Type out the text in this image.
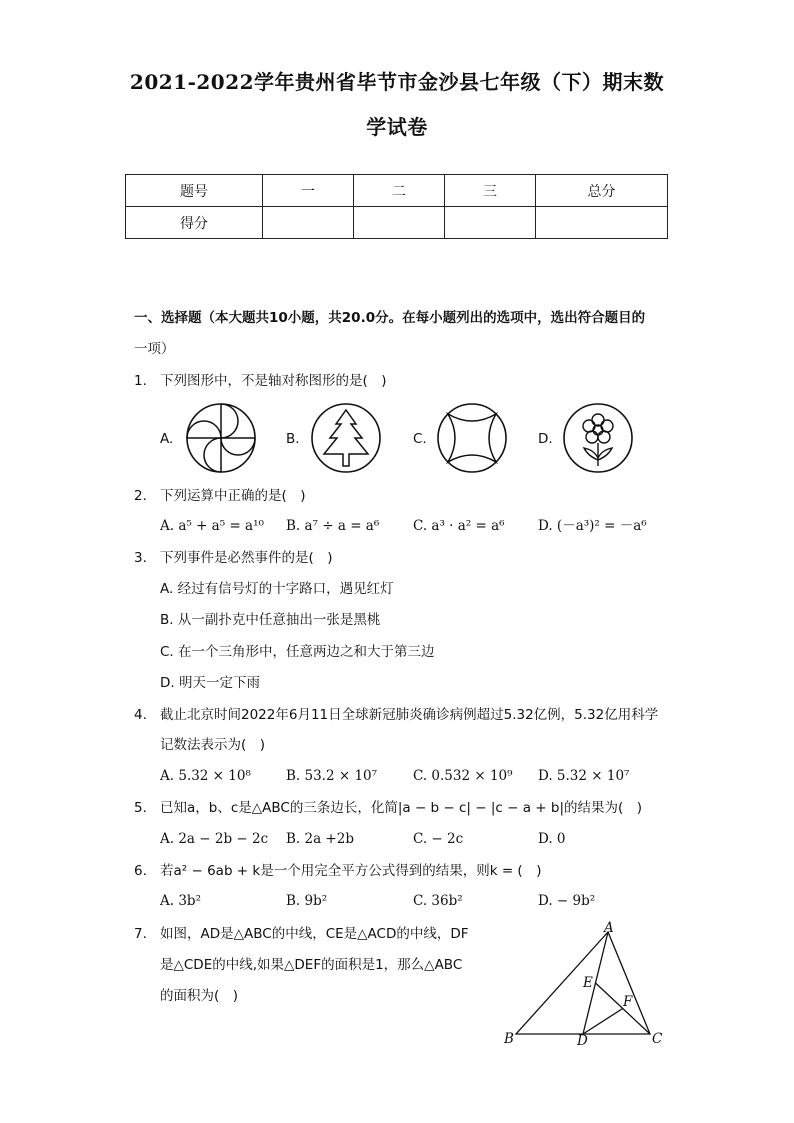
2021-2022学年贵州省毕节市金沙县七年级（下）期末数
学试卷
题号	一	二	三	总分
得分				
一、选择题（本大题共10小题，共20.0分。在每小题列出的选项中，选出符合题目的
一项）
1. 下列图形中，不是轴对称图形的是(　)
A.	B.	C.	D.
2. 下列运算中正确的是(　)
A. a⁵ + a⁵ = a¹⁰ B. a⁷ ÷ a = a⁶ C. a³ · a² = a⁶ D. (－a³)² = －a⁶
3. 下列事件是必然事件的是(　)
A. 经过有信号灯的十字路口，遇见红灯
B. 从一副扑克中任意抽出一张是黑桃
C. 在一个三角形中，任意两边之和大于第三边
D. 明天一定下雨
4. 截止北京时间2022年6月11日全球新冠肺炎确诊病例超过5.32亿例，5.32亿用科学
记数法表示为(　)
A. 5.32 × 10⁸	B. 53.2 × 10⁷	C. 0.532 × 10⁹ D. 5.32 × 10⁷
5. 已知a，b、c是△ABC的三条边长，化简|a − b − c| − |c − a + b|的结果为(　)
A. 2a − 2b − 2c B. 2a +2b	C. − 2c	D. 0
6. 若a² − 6ab + k是一个用完全平方公式得到的结果，则k = (　)
A. 3b²	B. 9b²	C. 36b²	D. − 9b²
7. 如图，AD是△ABC的中线，CE是△ACD的中线，DF
是△CDE的中线,如果△DEF的面积是1，那么△ABC
的面积为(　)
A
B	C
D
E
F
